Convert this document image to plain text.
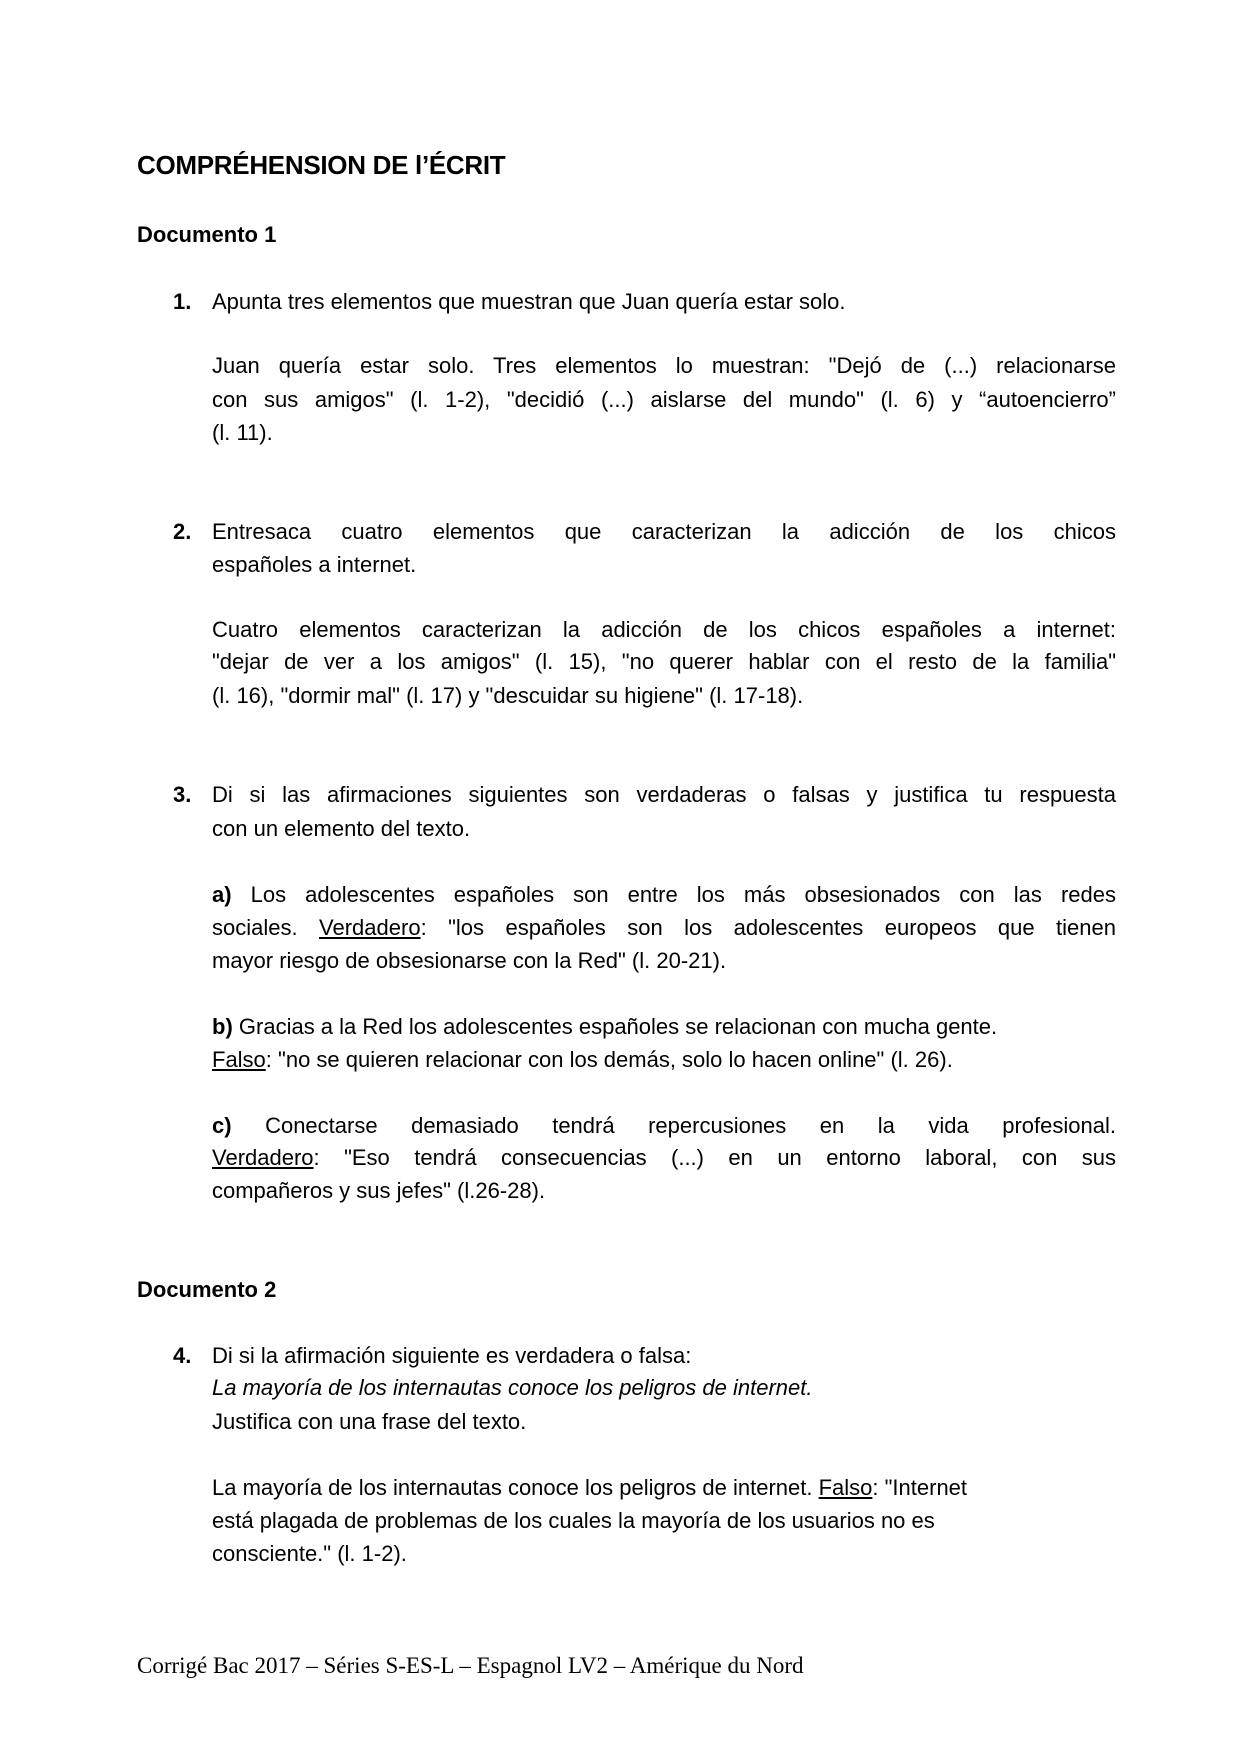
COMPRÉHENSION DE l’ÉCRIT
Documento 1
1. Apunta tres elementos que muestran que Juan quería estar solo.
Juan quería estar solo. Tres elementos lo muestran: "Dejó de (...) relacionarse
con sus amigos" (l. 1-2), "decidió (...) aislarse del mundo" (l. 6) y “autoencierro”
(l. 11).
2. Entresaca cuatro elementos que caracterizan la adicción de los chicos
españoles a internet.
Cuatro elementos caracterizan la adicción de los chicos españoles a internet:
"dejar de ver a los amigos" (l. 15), "no querer hablar con el resto de la familia"
(l. 16), "dormir mal" (l. 17) y "descuidar su higiene" (l. 17-18).
3. Di si las afirmaciones siguientes son verdaderas o falsas y justifica tu respuesta
con un elemento del texto.
a) Los adolescentes españoles son entre los más obsesionados con las redes
sociales. Verdadero: "los españoles son los adolescentes europeos que tienen
mayor riesgo de obsesionarse con la Red" (l. 20-21).
b) Gracias a la Red los adolescentes españoles se relacionan con mucha gente.
Falso: "no se quieren relacionar con los demás, solo lo hacen online" (l. 26).
c) Conectarse demasiado tendrá repercusiones en la vida profesional.
Verdadero: "Eso tendrá consecuencias (...) en un entorno laboral, con sus
compañeros y sus jefes" (l.26-28).
Documento 2
4. Di si la afirmación siguiente es verdadera o falsa:
La mayoría de los internautas conoce los peligros de internet.
Justifica con una frase del texto.
La mayoría de los internautas conoce los peligros de internet. Falso: "Internet
está plagada de problemas de los cuales la mayoría de los usuarios no es
consciente." (l. 1-2).
Corrigé Bac 2017 – Séries S-ES-L – Espagnol LV2 – Amérique du Nord
